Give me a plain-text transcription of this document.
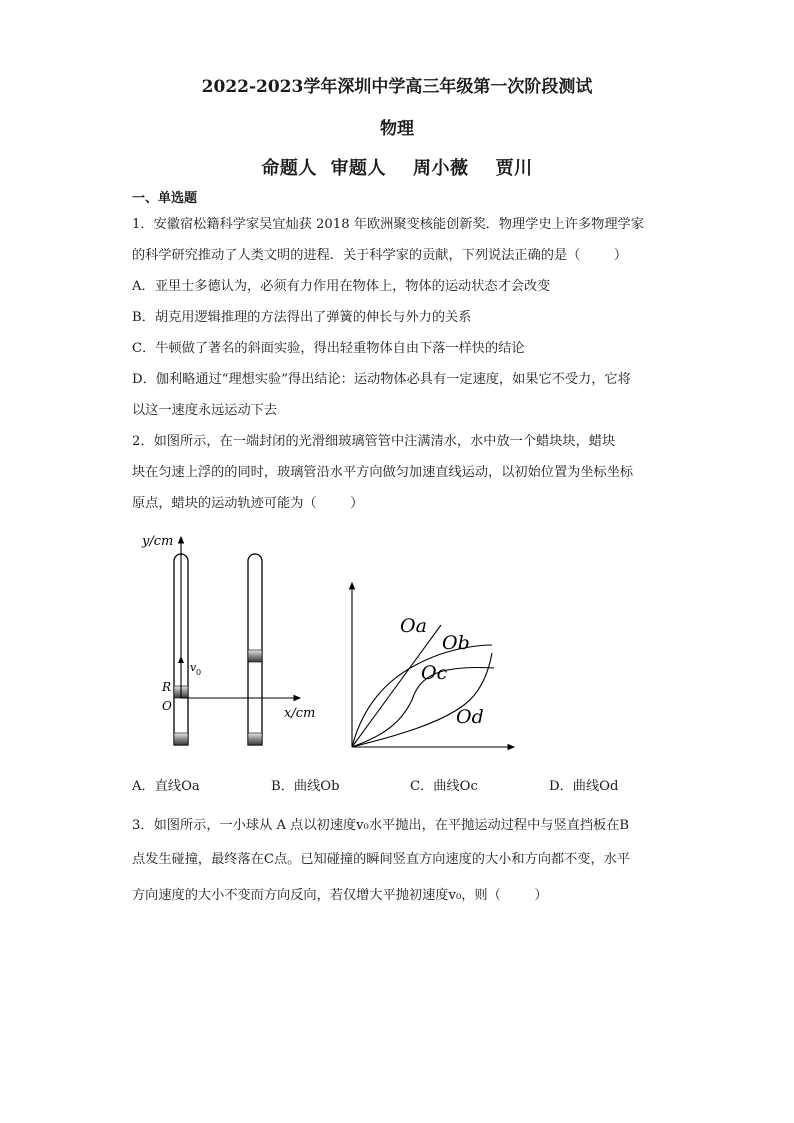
2022-2023学年深圳中学高三年级第一次阶段测试
物理
命题人  审题人    周小薇    贾川
一、单选题
1．安徽宿松籍科学家吴宜灿获 2018 年欧洲聚变核能创新奖．物理学史上许多物理学家
的科学研究推动了人类文明的进程．关于科学家的贡献，下列说法正确的是（        ）
A．亚里士多德认为，必须有力作用在物体上，物体的运动状态才会改变
B．胡克用逻辑推理的方法得出了弹簧的伸长与外力的关系
C．牛顿做了著名的斜面实验，得出轻重物体自由下落一样快的结论
D．伽利略通过“理想实验”得出结论：运动物体必具有一定速度，如果它不受力，它将
以这一速度永远运动下去
2．如图所示，在一端封闭的光滑细玻璃管管中注满清水，水中放一个蜡块块，蜡块
块在匀速上浮的的同时，玻璃管沿水平方向做匀加速直线运动，以初始位置为坐标坐标
原点，蜡块的运动轨迹可能为（        ）
y/cm
x/cm
v 0
R
O
Oa
Ob
Oc
Od
A．直线Oa	B．曲线Ob	C．曲线Oc	D．曲线Od
3．如图所示，一小球从 A 点以初速度v₀水平抛出，在平抛运动过程中与竖直挡板在B
点发生碰撞，最终落在C点。已知碰撞的瞬间竖直方向速度的大小和方向都不变，水平
方向速度的大小不变而方向反向，若仅增大平抛初速度v₀，则（        ）
